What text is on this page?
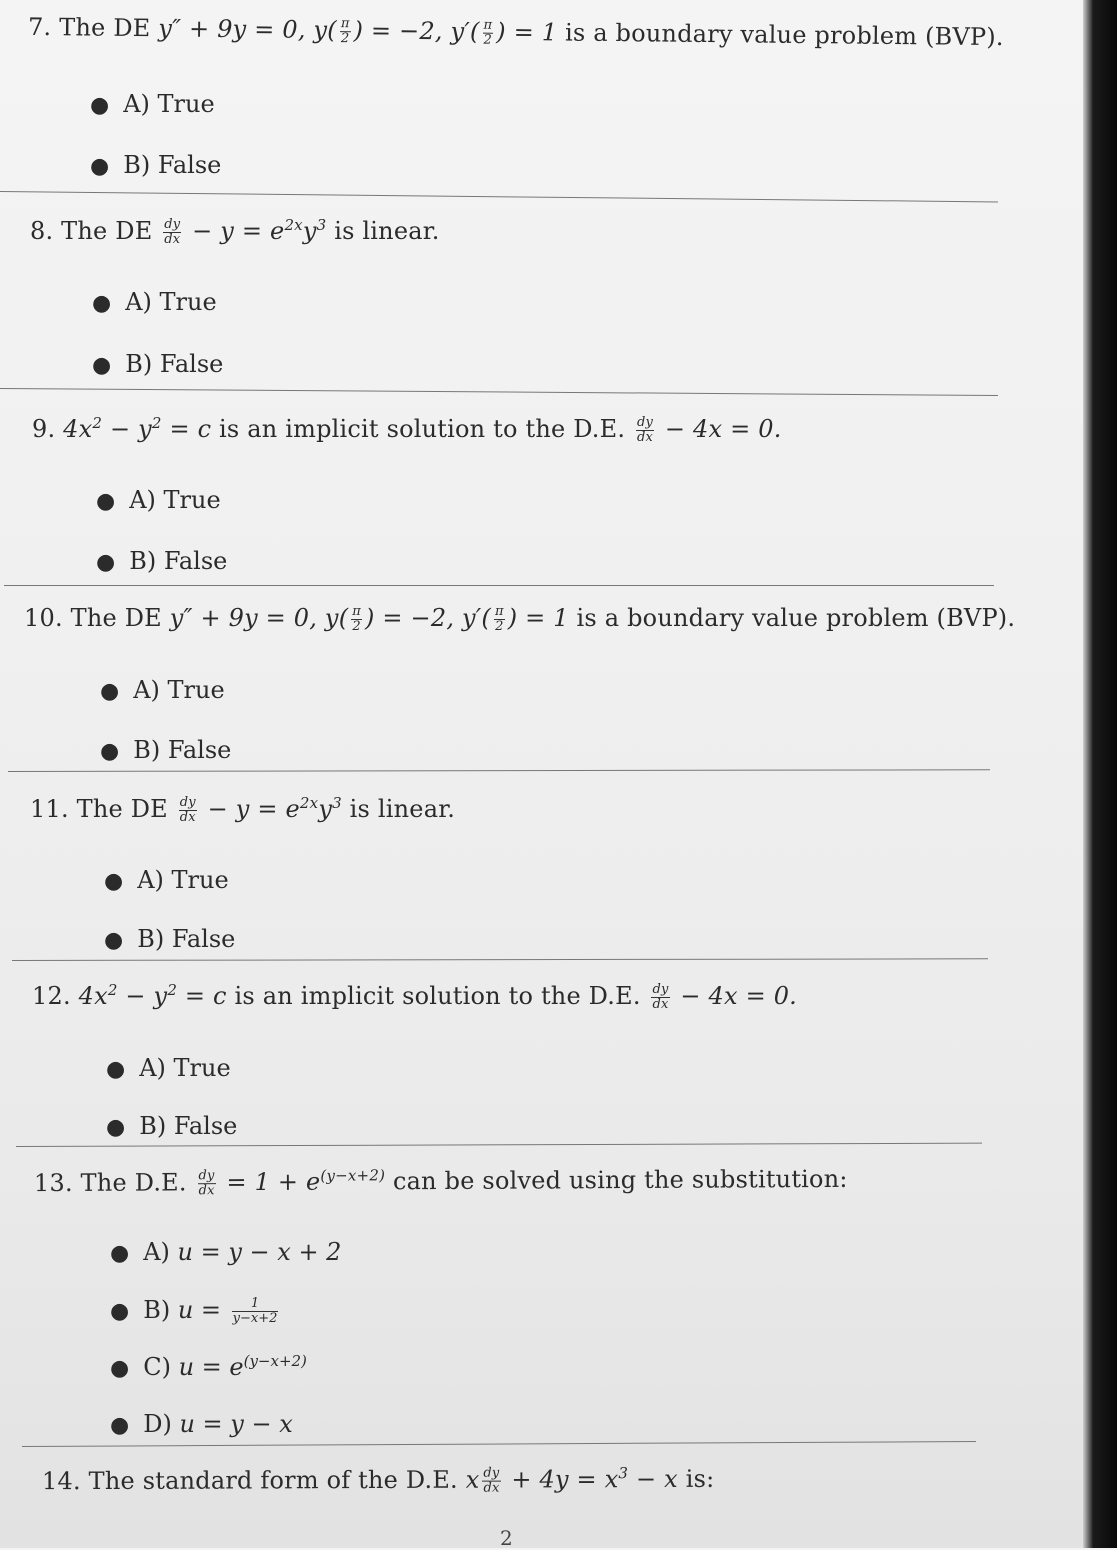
7. The DE y″ + 9y = 0, $y( \frac{\pi}{2}$ ) = −2, $y'( \frac{\pi}{2}$ ) = 1 is a boundary value problem (BVP).
● A) True
● B) False
8. The DE $\frac{dy}{dx} - y = e^{2x}y^3$ is linear.
● A) True
● B) False
9. $4x^2 - y^2 = c$ is an implicit solution to the D.E. $\frac{dy}{dx} - 4x = 0$.
● A) True
● B) False
10. The DE y″ + 9y = 0, $y( \frac{\pi}{2}$ ) = −2, $y'( \frac{\pi}{2}$ ) = 1 is a boundary value problem (BVP).
● A) True
● B) False
11. The DE $\frac{dy}{dx} - y = e^{2x}y^3$ is linear.
● A) True
● B) False
12. $4x^2 - y^2 = c$ is an implicit solution to the D.E. $\frac{dy}{dx} - 4x = 0$.
● A) True
● B) False
13. The D.E. $\frac{dy}{dx} = 1 + e^{(y-x+2)}$ can be solved using the substitution:
● A) u = y − x + 2
● B) $u = \frac{1}{y-x+2}$
● C) $u = e^{(y-x+2)}$
● D) u = y − x
14. The standard form of the D.E. x $\frac{dy}{dx} + 4y = x^3 - x$ is:
2
